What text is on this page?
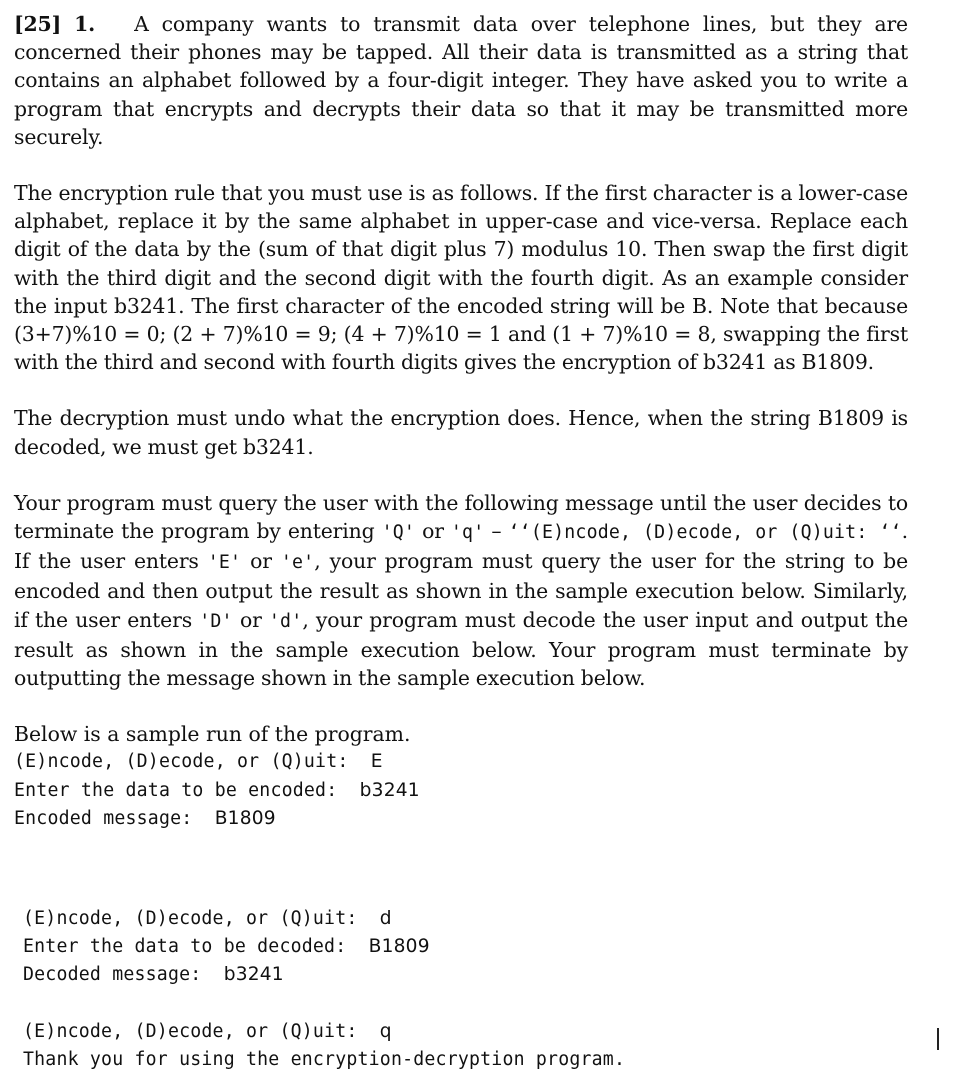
[25] 1. A company wants to transmit data over telephone lines, but they are concerned their phones may be tapped. All their data is transmitted as a string that contains an alphabet followed by a four-digit integer. They have asked you to write a program that encrypts and decrypts their data so that it may be transmitted more securely.

The encryption rule that you must use is as follows. If the first character is a lower-case alphabet, replace it by the same alphabet in upper-case and vice-versa. Replace each digit of the data by the (sum of that digit plus 7) modulus 10. Then swap the first digit with the third digit and the second digit with the fourth digit. As an example consider the input b3241. The first character of the encoded string will be B. Note that because (3+7)%10 = 0; (2 + 7)%10 = 9; (4 + 7)%10 = 1 and (1 + 7)%10 = 8, swapping the first with the third and second with fourth digits gives the encryption of b3241 as B1809.

The decryption must undo what the encryption does. Hence, when the string B1809 is decoded, we must get b3241.

Your program must query the user with the following message until the user decides to terminate the program by entering 'Q' or 'q' – ‘‘(E)ncode, (D)ecode, or (Q)uit: ‘‘. If the user enters 'E' or 'e', your program must query the user for the string to be encoded and then output the result as shown in the sample execution below. Similarly, if the user enters 'D' or 'd', your program must decode the user input and output the result as shown in the sample execution below. Your program must terminate by outputting the message shown in the sample execution below.

Below is a sample run of the program.

(E)ncode, (D)ecode, or (Q)uit:  E
Enter the data to be encoded:  b3241
Encoded message:  B1809
(E)ncode, (D)ecode, or (Q)uit:  d
Enter the data to be decoded:  B1809
Decoded message:  b3241
(E)ncode, (D)ecode, or (Q)uit:  q
Thank you for using the encryption-decryption program.
